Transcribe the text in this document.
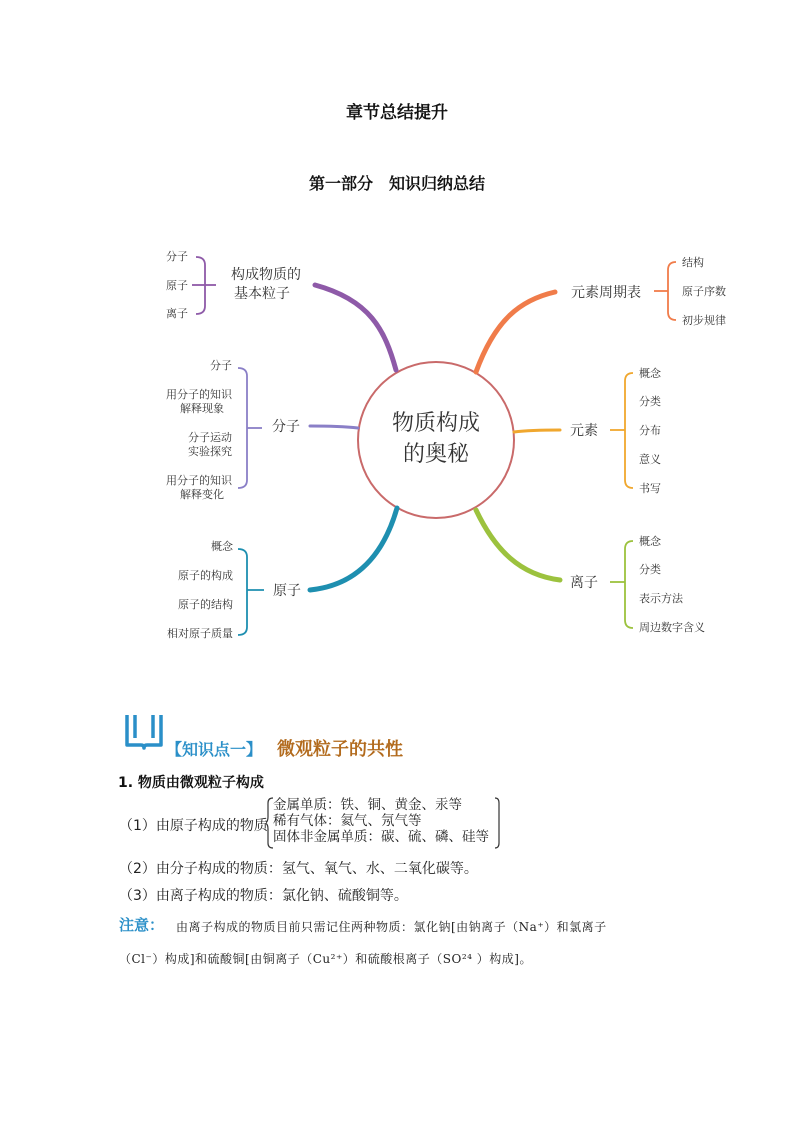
章节总结提升
第一部分　知识归纳总结
物质构成
的奥秘
构成物质的
基本粒子
分子
原子
离子
分子
分子
用分子的知识
解释现象
分子运动
实验探究
用分子的知识
解释变化
原子
概念
原子的构成
原子的结构
相对原子质量
元素周期表
结构
原子序数
初步规律
元素
概念
分类
分布
意义
书写
离子
概念
分类
表示方法
周边数字含义
【知识点一】 微观粒子的共性
1. 物质由微观粒子构成
（1）由原子构成的物质
金属单质：铁、铜、黄金、汞等
稀有气体：氦气、氖气等
固体非金属单质：碳、硫、磷、硅等
（2）由分子构成的物质：氢气、氧气、水、二氧化碳等。
（3）由离子构成的物质：氯化钠、硫酸铜等。
注意： 由离子构成的物质目前只需记住两种物质：氯化钠[由钠离子（Na⁺）和氯离子
（Cl⁻）构成]和硫酸铜[由铜离子（Cu²⁺）和硫酸根离子（SO²⁴ ）构成]。
